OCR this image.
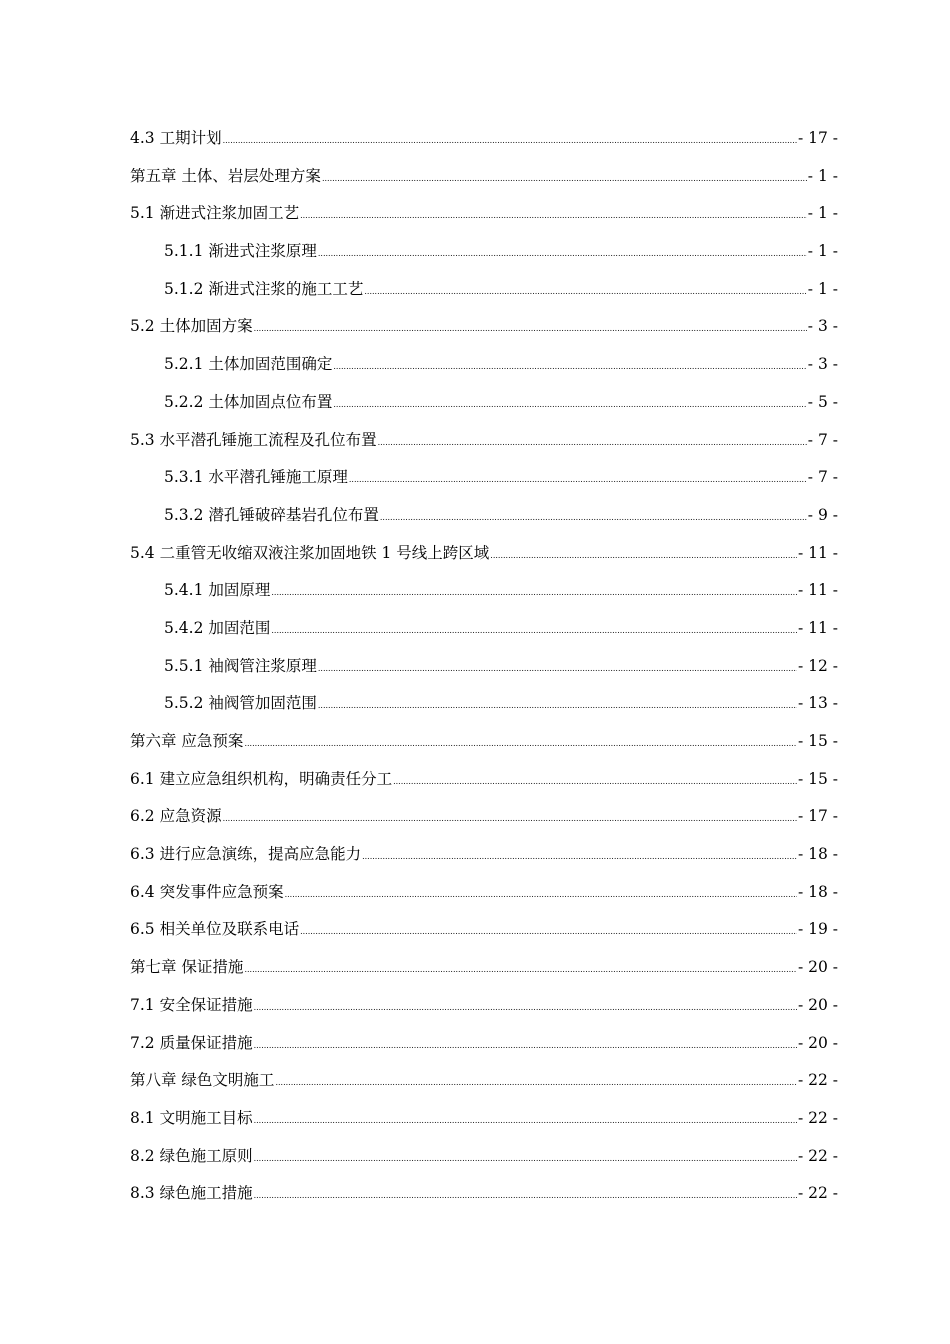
4.3 工期计划 .....	- 17 -
第五章 土体、岩层处理方案 .....	- 1 -
5.1 渐进式注浆加固工艺 .....	- 1 -
5.1.1 渐进式注浆原理 .....	- 1 -
5.1.2 渐进式注浆的施工工艺 .....	- 1 -
5.2 土体加固方案 .....	- 3 -
5.2.1 土体加固范围确定 .....	- 3 -
5.2.2 土体加固点位布置 .....	- 5 -
5.3 水平潜孔锤施工流程及孔位布置 .....	- 7 -
5.3.1 水平潜孔锤施工原理 .....	- 7 -
5.3.2 潜孔锤破碎基岩孔位布置 .....	- 9 -
5.4 二重管无收缩双液注浆加固地铁 1 号线上跨区域 .....	- 11 -
5.4.1 加固原理 .....	- 11 -
5.4.2 加固范围 .....	- 11 -
5.5.1 袖阀管注浆原理 .....	- 12 -
5.5.2 袖阀管加固范围 .....	- 13 -
第六章 应急预案 .....	- 15 -
6.1 建立应急组织机构，明确责任分工 .....	- 15 -
6.2 应急资源 .....	- 17 -
6.3 进行应急演练，提高应急能力 .....	- 18 -
6.4 突发事件应急预案 .....	- 18 -
6.5 相关单位及联系电话 .....	- 19 -
第七章 保证措施 .....	- 20 -
7.1 安全保证措施 .....	- 20 -
7.2 质量保证措施 .....	- 20 -
第八章 绿色文明施工 .....	- 22 -
8.1 文明施工目标 .....	- 22 -
8.2 绿色施工原则 .....	- 22 -
8.3 绿色施工措施 .....	- 22 -
